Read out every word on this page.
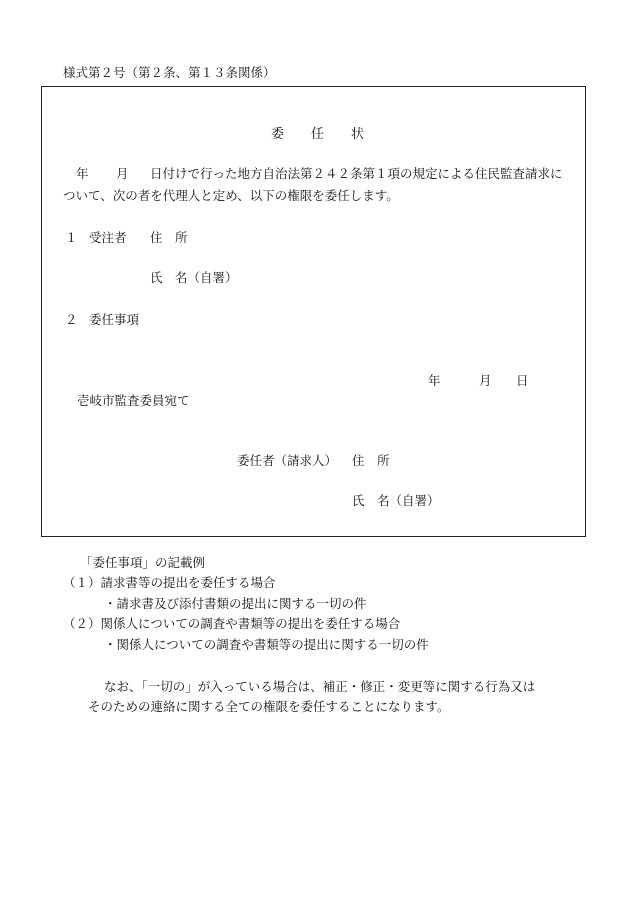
様式第２号（第２条、第１３条関係）
委 任 状
年 月 日付けで行った地方自治法第２４２条第１項の規定による住民監査請求に
ついて、次の者を代理人と定め、以下の権限を委任します。
１ 受注者 住　所
氏　名（自署）
２ 委任事項
年	月 日
壱岐市監査委員宛て
委任者（請求人） 住　所
氏　名（自署）
「委任事項」の記載例
（１）請求書等の提出を委任する場合
・請求書及び添付書類の提出に関する一切の件
（２）関係人についての調査や書類等の提出を委任する場合
・関係人についての調査や書類等の提出に関する一切の件
なお、「一切の」が入っている場合は、補正・修正・変更等に関する行為又は
そのための連絡に関する全ての権限を委任することになります。
